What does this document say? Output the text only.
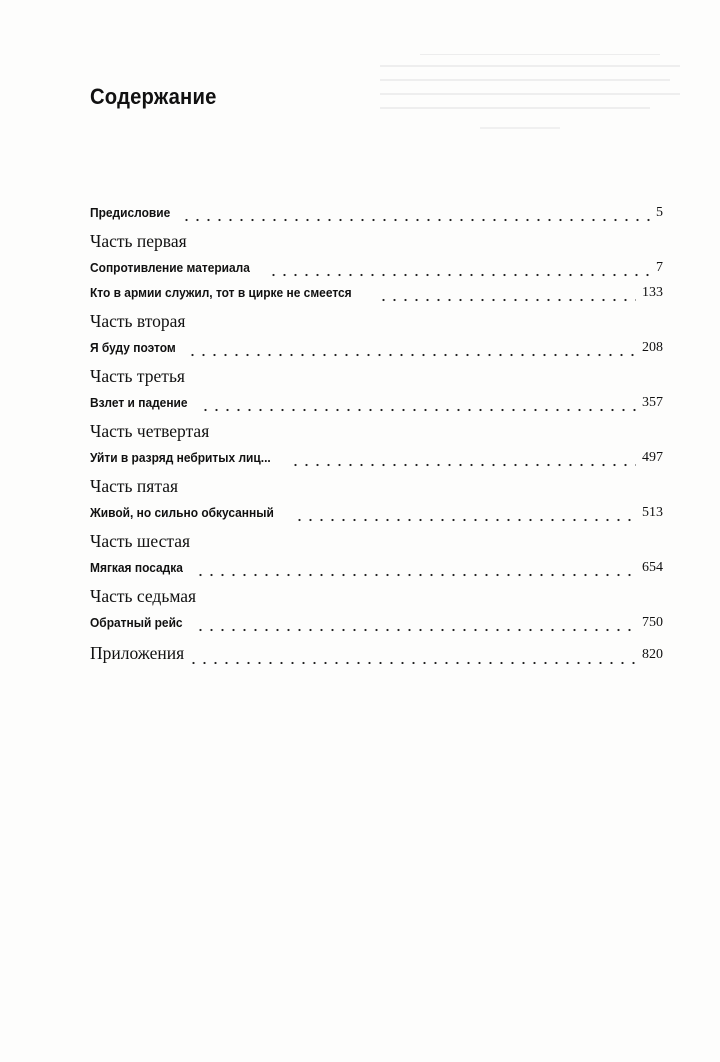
Содержание
Предисловие	5
Часть первая
Сопротивление материала	7
Кто в армии служил, тот в цирке не смеется	133
Часть вторая
Я буду поэтом	208
Часть третья
Взлет и падение	357
Часть четвертая
Уйти в разряд небритых лиц...	497
Часть пятая
Живой, но сильно обкусанный	513
Часть шестая
Мягкая посадка	654
Часть седьмая
Обратный рейс	750
Приложения	820
